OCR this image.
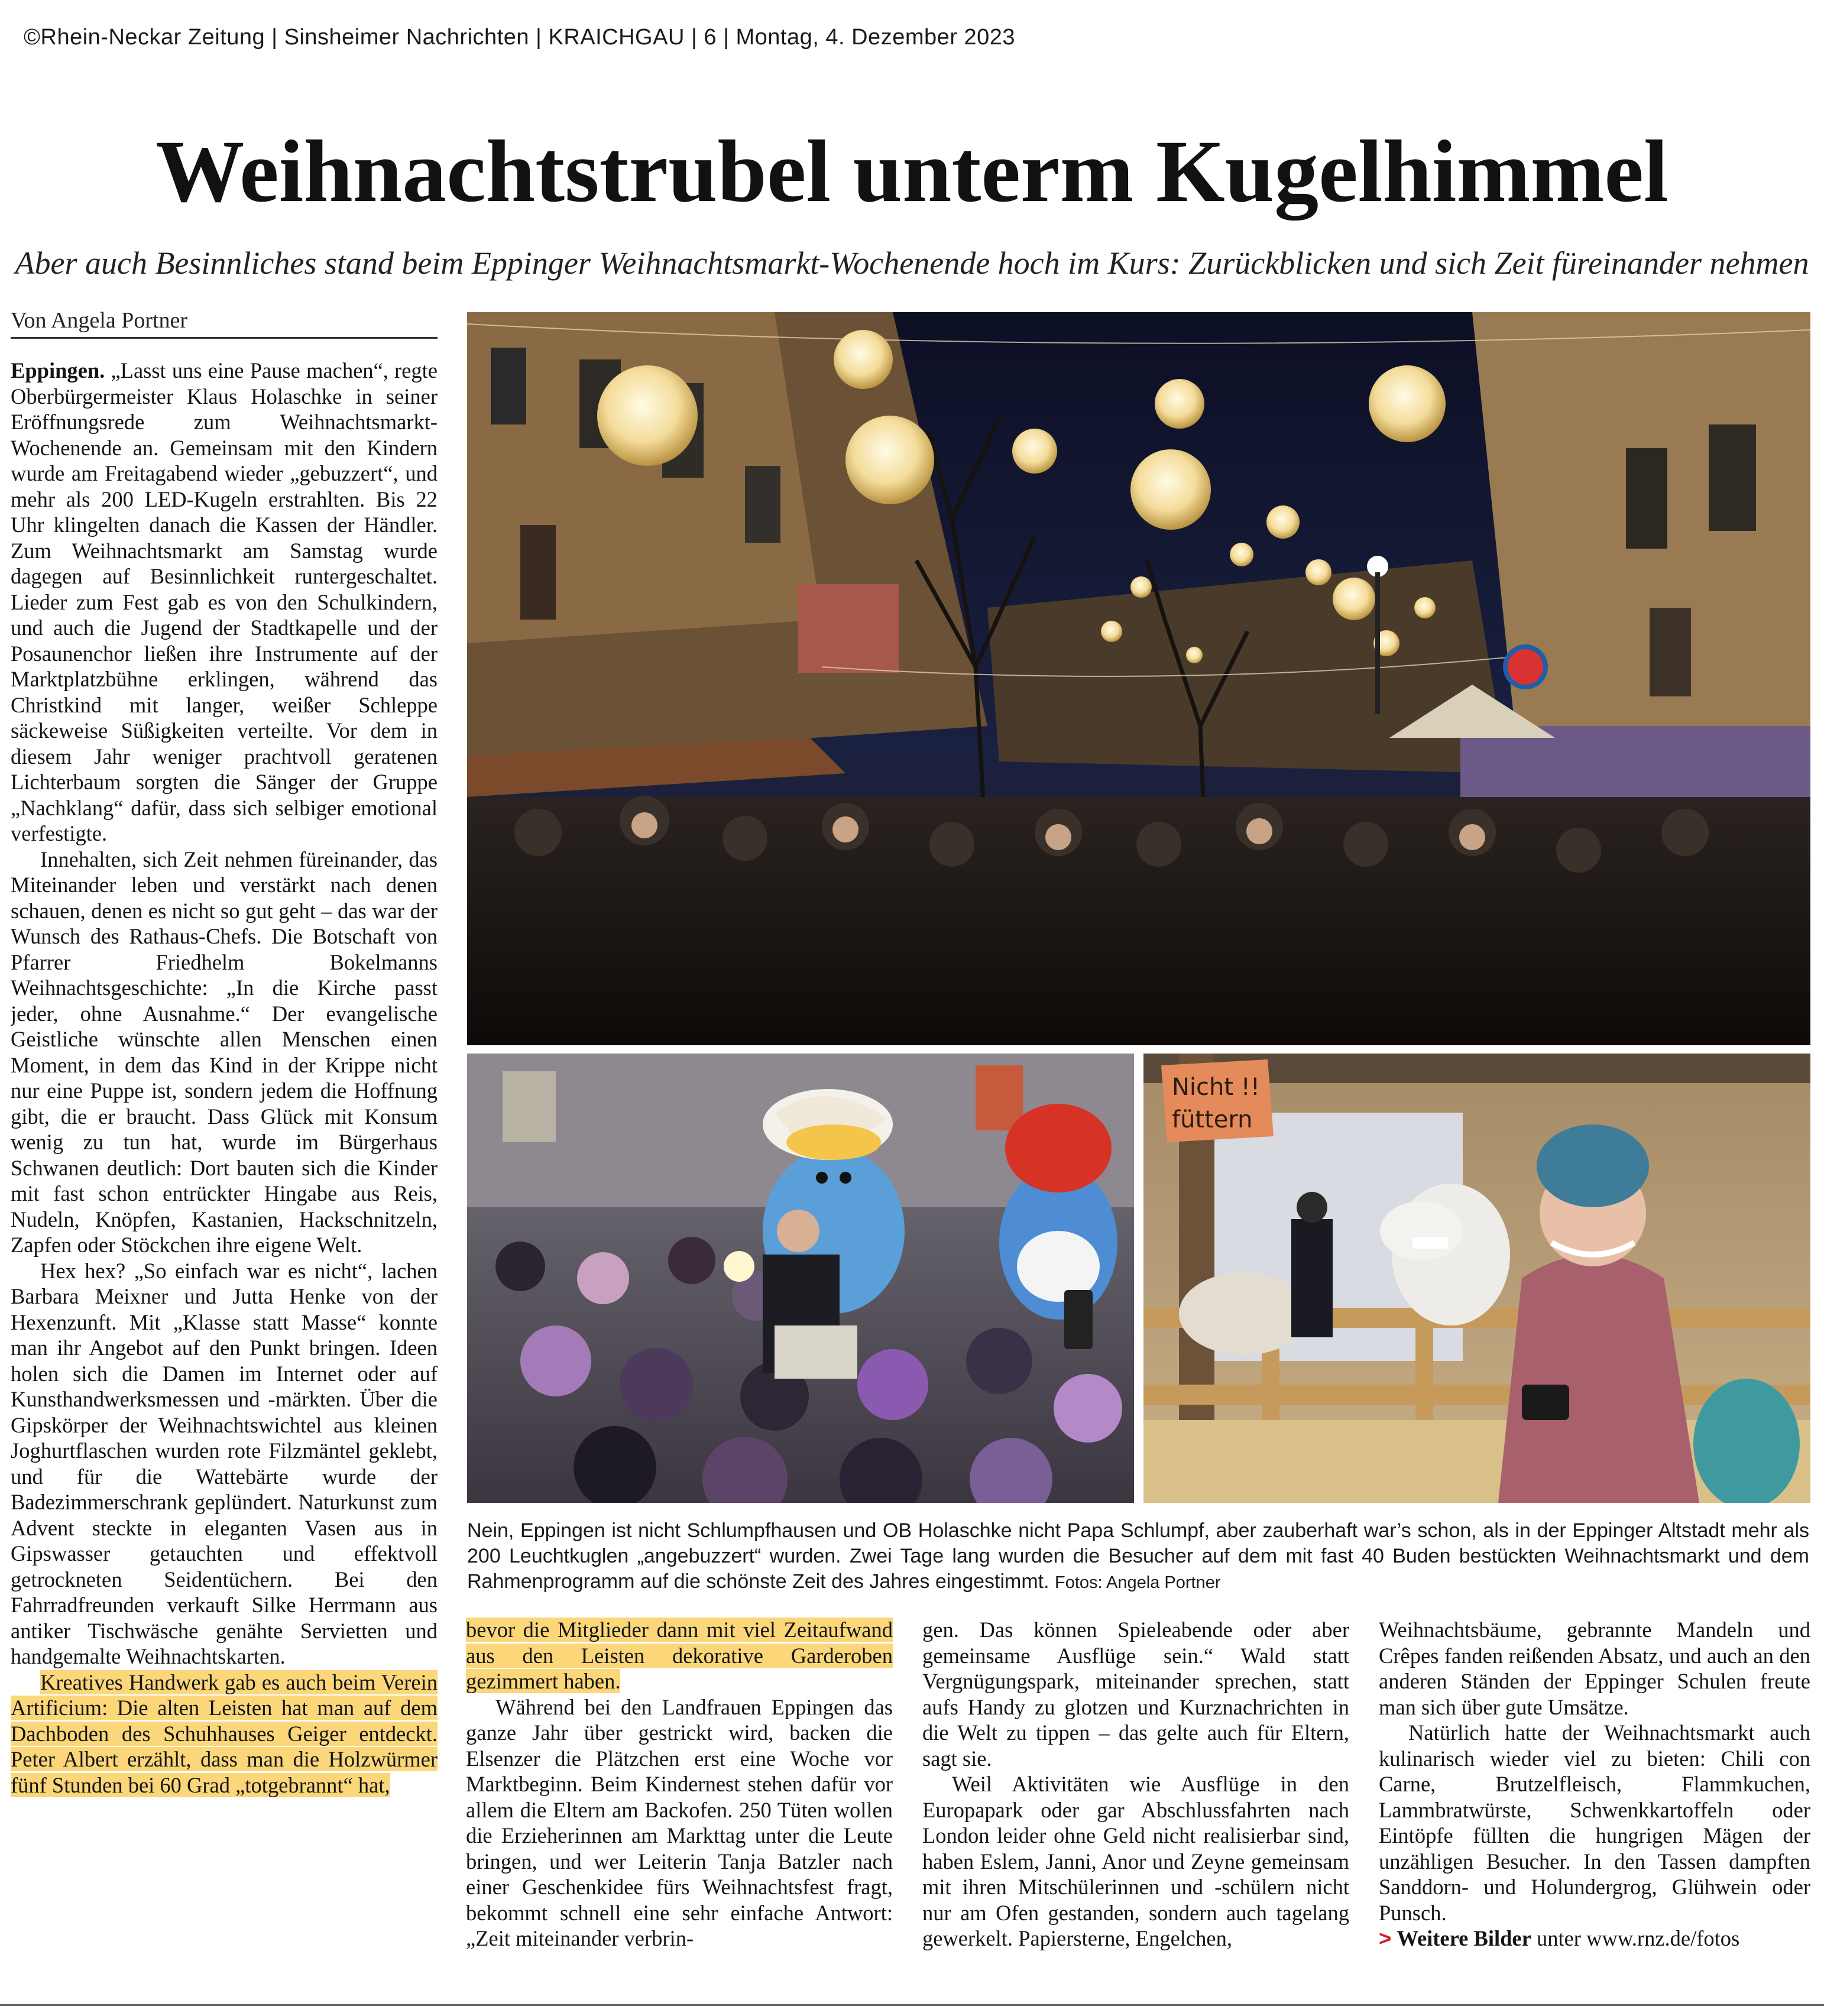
©Rhein-Neckar Zeitung | Sinsheimer Nachrichten | KRAICHGAU | 6 | Montag, 4. Dezember 2023
Weihnachtstrubel unterm Kugelhimmel
Aber auch Besinnliches stand beim Eppinger Weihnachtsmarkt-Wochenende hoch im Kurs: Zurückblicken und sich Zeit füreinander nehmen
Von Angela Portner

Eppingen. „Lasst uns eine Pause machen“, regte Oberbürgermeister Klaus Holaschke in seiner Eröffnungsrede zum Weihnachtsmarkt-Wochenende an. Gemeinsam mit den Kindern wurde am Freitagabend wieder „gebuzzert“, und mehr als 200 LED-Kugeln erstrahlten. Bis 22 Uhr klingelten danach die Kassen der Händler. Zum Weihnachtsmarkt am Samstag wurde dagegen auf Besinnlichkeit runtergeschaltet. Lieder zum Fest gab es von den Schulkindern, und auch die Jugend der Stadtkapelle und der Posaunenchor ließen ihre Instrumente auf der Marktplatzbühne erklingen, während das Christkind mit langer, weißer Schleppe säckeweise Süßigkeiten verteilte. Vor dem in diesem Jahr weniger prachtvoll geratenen Lichterbaum sorgten die Sänger der Gruppe „Nachklang“ dafür, dass sich selbiger emotional verfestigte.

Innehalten, sich Zeit nehmen füreinander, das Miteinander leben und verstärkt nach denen schauen, denen es nicht so gut geht – das war der Wunsch des Rathaus-Chefs. Die Botschaft von Pfarrer Friedhelm Bokelmanns Weihnachtsgeschichte: „In die Kirche passt jeder, ohne Ausnahme.“ Der evangelische Geistliche wünschte allen Menschen einen Moment, in dem das Kind in der Krippe nicht nur eine Puppe ist, sondern jedem die Hoffnung gibt, die er braucht. Dass Glück mit Konsum wenig zu tun hat, wurde im Bürgerhaus Schwanen deutlich: Dort bauten sich die Kinder mit fast schon entrückter Hingabe aus Reis, Nudeln, Knöpfen, Kastanien, Hackschnitzeln, Zapfen oder Stöckchen ihre eigene Welt.

Hex hex? „So einfach war es nicht“, lachen Barbara Meixner und Jutta Henke von der Hexenzunft. Mit „Klasse statt Masse“ konnte man ihr Angebot auf den Punkt bringen. Ideen holen sich die Damen im Internet oder auf Kunsthandwerksmessen und -märkten. Über die Gipskörper der Weihnachtswichtel aus kleinen Joghurtflaschen wurden rote Filzmäntel geklebt, und für die Wattebärte wurde der Badezimmerschrank geplündert. Naturkunst zum Advent steckte in eleganten Vasen aus in Gipswasser getauchten und effektvoll getrockneten Seidentüchern. Bei den Fahrradfreunden verkauft Silke Herrmann aus antiker Tischwäsche genähte Servietten und handgemalte Weihnachtskarten.

Kreatives Handwerk gab es auch beim Verein Artificium: Die alten Leisten hat man auf dem Dachboden des Schuhhauses Geiger entdeckt. Peter Albert erzählt, dass man die Holzwürmer fünf Stunden bei 60 Grad „totgebrannt“ hat,

Nicht !!
füttern
Nein, Eppingen ist nicht Schlumpfhausen und OB Holaschke nicht Papa Schlumpf, aber zauberhaft war’s schon, als in der Eppinger Altstadt mehr als 200 Leuchtkuglen „angebuzzert“ wurden. Zwei Tage lang wurden die Besucher auf dem mit fast 40 Buden bestückten Weihnachtsmarkt und dem Rahmenprogramm auf die schönste Zeit des Jahres eingestimmt. Fotos: Angela Portner

bevor die Mitglieder dann mit viel Zeitaufwand aus den Leisten dekorative Garderoben gezimmert haben.

Während bei den Landfrauen Eppingen das ganze Jahr über gestrickt wird, backen die Elsenzer die Plätzchen erst eine Woche vor Marktbeginn. Beim Kindernest stehen dafür vor allem die Eltern am Backofen. 250 Tüten wollen die Erzieherinnen am Markttag unter die Leute bringen, und wer Leiterin Tanja Batzler nach einer Geschenkidee fürs Weihnachtsfest fragt, bekommt schnell eine sehr einfache Antwort: „Zeit miteinander verbrin-

gen. Das können Spieleabende oder aber gemeinsame Ausflüge sein.“ Wald statt Vergnügungspark, miteinander sprechen, statt aufs Handy zu glotzen und Kurznachrichten in die Welt zu tippen – das gelte auch für Eltern, sagt sie.

Weil Aktivitäten wie Ausflüge in den Europapark oder gar Abschlussfahrten nach London leider ohne Geld nicht realisierbar sind, haben Eslem, Janni, Anor und Zeyne gemeinsam mit ihren Mitschülerinnen und -schülern nicht nur am Ofen gestanden, sondern auch tagelang gewerkelt. Papiersterne, Engelchen,

Weihnachtsbäume, gebrannte Mandeln und Crêpes fanden reißenden Absatz, und auch an den anderen Ständen der Eppinger Schulen freute man sich über gute Umsätze.

Natürlich hatte der Weihnachtsmarkt auch kulinarisch wieder viel zu bieten: Chili con Carne, Brutzelfleisch, Flammkuchen, Lammbratwürste, Schwenkkartoffeln oder Eintöpfe füllten die hungrigen Mägen der unzähligen Besucher. In den Tassen dampften Sanddorn- und Holundergrog, Glühwein oder Punsch.

> Weitere Bilder unter www.rnz.de/fotos
